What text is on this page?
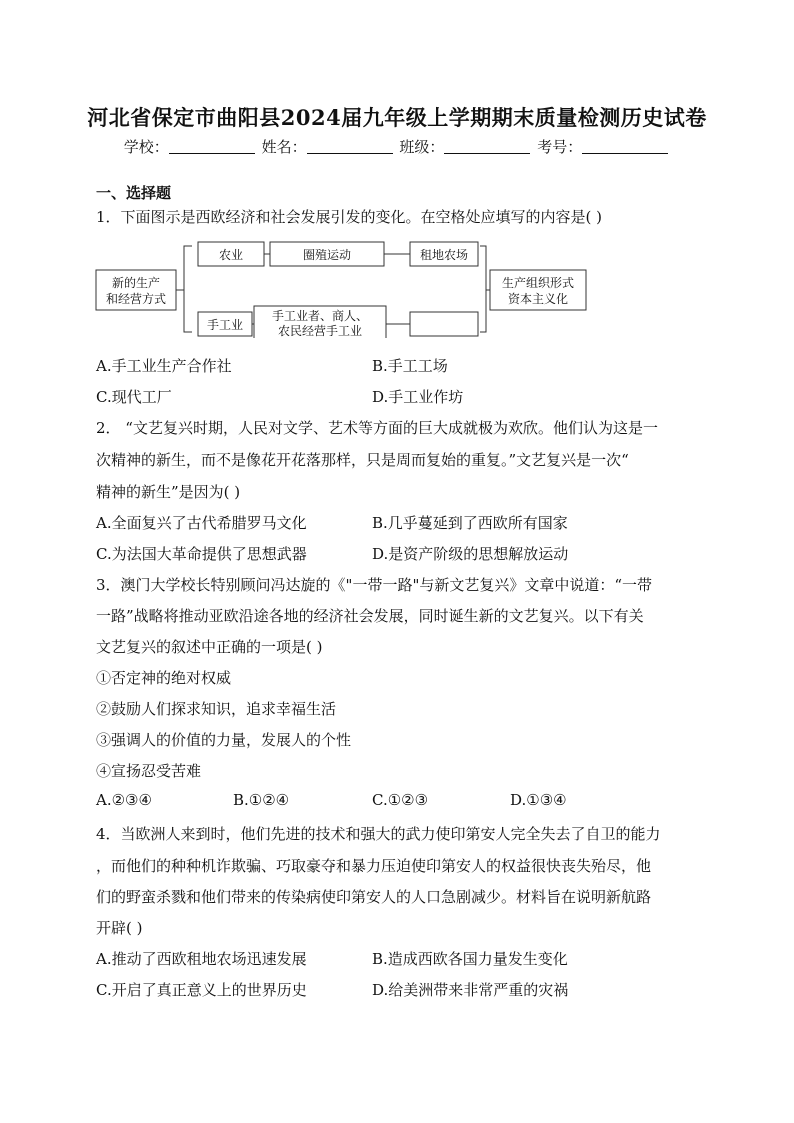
河北省保定市曲阳县2024届九年级上学期期末质量检测历史试卷
学校：	姓名：	班级：	考号：
一、选择题
1．下面图示是西欧经济和社会发展引发的变化。在空格处应填写的内容是( )
新的生产
和经营方式
农业	圈殖运动	租地农场
手工业
手工业者、商人、
农民经营手工业
生产组织形式
资本主义化
A.手工业生产合作社	B.手工工场
C.现代工厂	D.手工业作坊
2． “文艺复兴时期，人民对文学、艺术等方面的巨大成就极为欢欣。他们认为这是一
次精神的新生，而不是像花开花落那样，只是周而复始的重复。”文艺复兴是一次“
精神的新生”是因为( )
A.全面复兴了古代希腊罗马文化	B.几乎蔓延到了西欧所有国家
C.为法国大革命提供了思想武器	D.是资产阶级的思想解放运动
3．澳门大学校长特别顾问冯达旋的《"一带一路"与新文艺复兴》文章中说道：“一带
一路”战略将推动亚欧沿途各地的经济社会发展，同时诞生新的文艺复兴。以下有关
文艺复兴的叙述中正确的一项是( )
①否定神的绝对权威
②鼓励人们探求知识，追求幸福生活
③强调人的价值的力量，发展人的个性
④宣扬忍受苦难
A.②③④	B.①②④	C.①②③	D.①③④
4．当欧洲人来到时，他们先进的技术和强大的武力使印第安人完全失去了自卫的能力
，而他们的种种机诈欺骗、巧取豪夺和暴力压迫使印第安人的权益很快丧失殆尽，他
们的野蛮杀戮和他们带来的传染病使印第安人的人口急剧减少。材料旨在说明新航路
开辟( )
A.推动了西欧租地农场迅速发展	B.造成西欧各国力量发生变化
C.开启了真正意义上的世界历史	D.给美洲带来非常严重的灾祸
